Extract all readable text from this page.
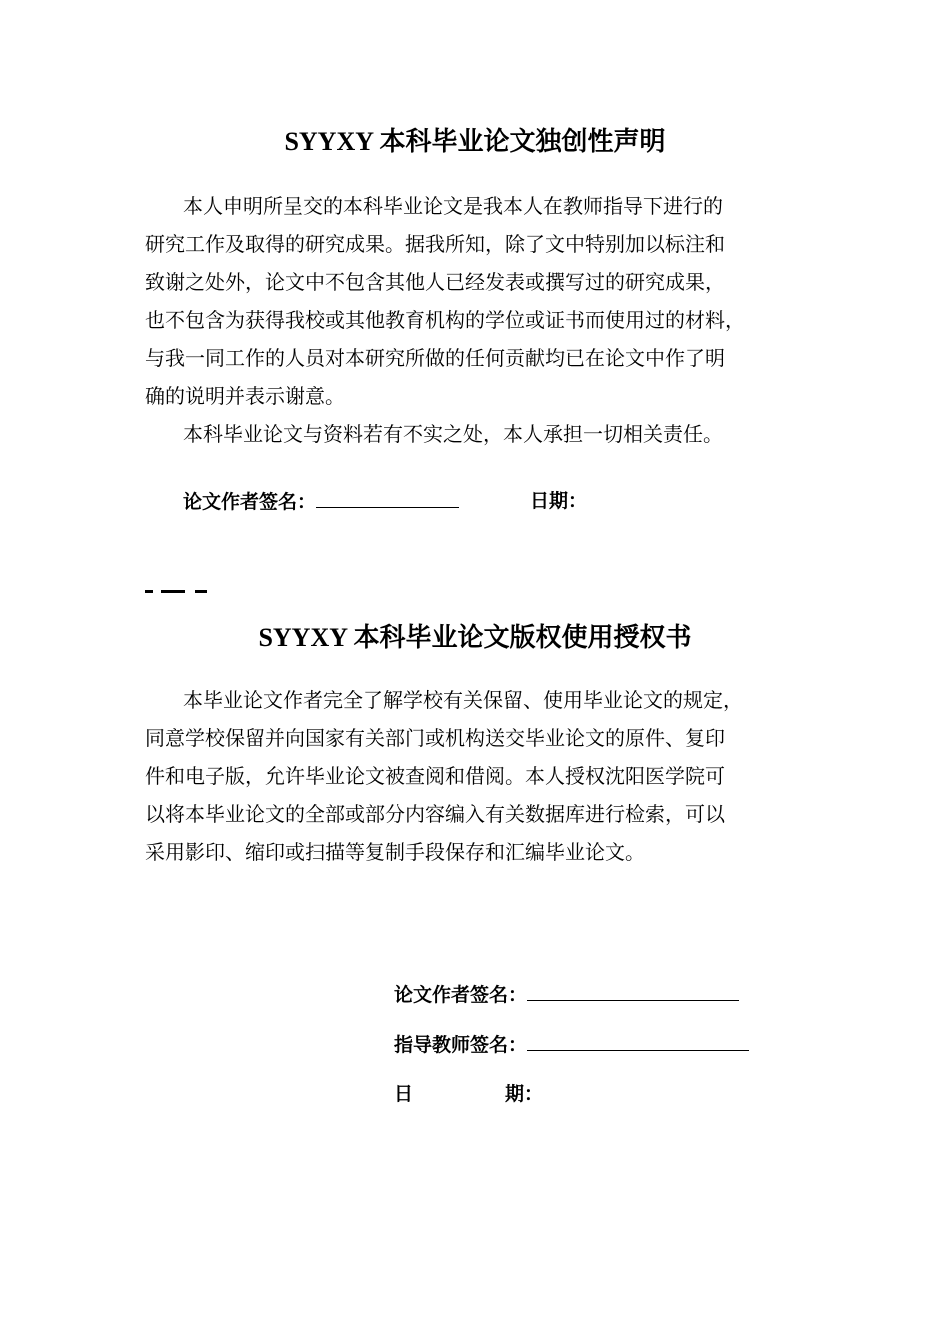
SYYXY 本科毕业论文独创性声明
本人申明所呈交的本科毕业论文是我本人在教师指导下进行的
研究工作及取得的研究成果。据我所知，除了文中特别加以标注和
致谢之处外，论文中不包含其他人已经发表或撰写过的研究成果，
也不包含为获得我校或其他教育机构的学位或证书而使用过的材料，
与我一同工作的人员对本研究所做的任何贡献均已在论文中作了明
确的说明并表示谢意。
本科毕业论文与资料若有不实之处，本人承担一切相关责任。
论文作者签名：	日期：
SYYXY 本科毕业论文版权使用授权书
本毕业论文作者完全了解学校有关保留、使用毕业论文的规定，
同意学校保留并向国家有关部门或机构送交毕业论文的原件、复印
件和电子版，允许毕业论文被查阅和借阅。本人授权沈阳医学院可
以将本毕业论文的全部或部分内容编入有关数据库进行检索，可以
采用影印、缩印或扫描等复制手段保存和汇编毕业论文。
论文作者签名：
指导教师签名：
日	期：
